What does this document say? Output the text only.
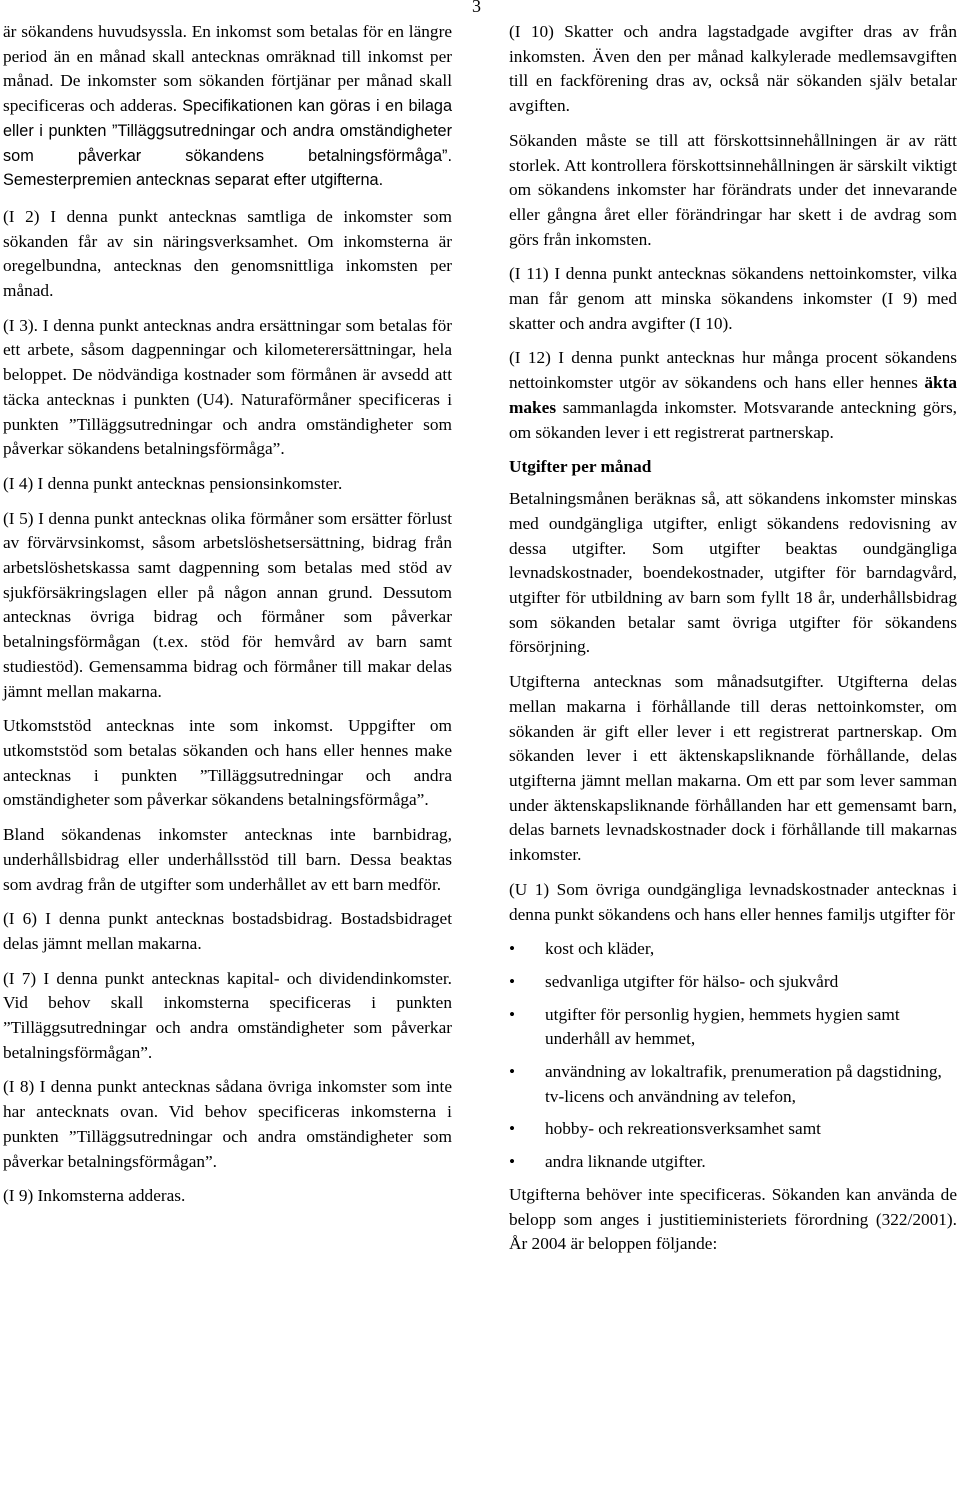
3

är sökandens huvudsyssla. En inkomst som betalas för en längre period än en månad skall antecknas omräknad till inkomst per månad. De inkomster som sökanden förtjänar per månad skall specificeras och adderas. Specifikationen kan göras i en bilaga eller i punkten ”Tilläggsutredningar och andra omständigheter som påverkar sökandens betalningsförmåga”. Semesterpremien antecknas separat efter utgifterna.

(I 2) I denna punkt antecknas samtliga de inkomster som sökanden får av sin näringsverksamhet. Om inkomsterna är oregelbundna, antecknas den genomsnittliga inkomsten per månad.

(I 3). I denna punkt antecknas andra ersättningar som betalas för ett arbete, såsom dagpenningar och kilometerersättningar, hela beloppet. De nödvändiga kostnader som förmånen är avsedd att täcka antecknas i punkten (U4). Naturaförmåner specificeras i punkten ”Tilläggsutredningar och andra omständigheter som påverkar sökandens betalningsförmåga”.

(I 4) I denna punkt antecknas pensionsinkomster.

(I 5) I denna punkt antecknas olika förmåner som ersätter förlust av förvärvsinkomst, såsom arbetslöshetsersättning, bidrag från arbetslöshetskassa samt dagpenning som betalas med stöd av sjukförsäkringslagen eller på någon annan grund. Dessutom antecknas övriga bidrag och förmåner som påverkar betalningsförmågan (t.ex. stöd för hemvård av barn samt studiestöd). Gemensamma bidrag och förmåner till makar delas jämnt mellan makarna.

Utkomststöd antecknas inte som inkomst. Uppgifter om utkomststöd som betalas sökanden och hans eller hennes make antecknas i punkten ”Tilläggsutredningar och andra omständigheter som påverkar sökandens betalningsförmåga”.

Bland sökandenas inkomster antecknas inte barnbidrag, underhållsbidrag eller underhållsstöd till barn. Dessa beaktas som avdrag från de utgifter som underhållet av ett barn medför.

(I 6) I denna punkt antecknas bostadsbidrag. Bostadsbidraget delas jämnt mellan makarna.

(I 7) I denna punkt antecknas kapital- och dividendinkomster. Vid behov skall inkomsterna specificeras i punkten ”Tilläggsutredningar och andra omständigheter som påverkar betalningsförmågan”.

(I 8) I denna punkt antecknas sådana övriga inkomster som inte har antecknats ovan. Vid behov specificeras inkomsterna i punkten ”Tilläggsutredningar och andra omständigheter som påverkar betalningsförmågan”.

(I 9) Inkomsterna adderas.

(I 10) Skatter och andra lagstadgade avgifter dras av från inkomsten. Även den per månad kalkylerade medlemsavgiften till en fackförening dras av, också när sökanden själv betalar avgiften.

Sökanden måste se till att förskottsinnehållningen är av rätt storlek. Att kontrollera förskottsinnehållningen är särskilt viktigt om sökandens inkomster har förändrats under det innevarande eller gångna året eller förändringar har skett i de avdrag som görs från inkomsten.

(I 11) I denna punkt antecknas sökandens nettoinkomster, vilka man får genom att minska sökandens inkomster (I 9) med skatter och andra avgifter (I 10).

(I 12) I denna punkt antecknas hur många procent sökandens nettoinkomster utgör av sökandens och hans eller hennes äkta makes sammanlagda inkomster. Motsvarande anteckning görs, om sökanden lever i ett registrerat partnerskap.

Utgifter per månad

Betalningsmånen beräknas så, att sökandens inkomster minskas med oundgängliga utgifter, enligt sökandens redovisning av dessa utgifter. Som utgifter beaktas oundgängliga levnadskostnader, boendekostnader, utgifter för barndagvård, utgifter för utbildning av barn som fyllt 18 år, underhållsbidrag som sökanden betalar samt övriga utgifter för sökandens försörjning.

Utgifterna antecknas som månadsutgifter. Utgifterna delas mellan makarna i förhållande till deras nettoinkomster, om sökanden är gift eller lever i ett registrerat partnerskap. Om sökanden lever i ett äktenskapsliknande förhållande, delas utgifterna jämnt mellan makarna. Om ett par som lever samman under äktenskapsliknande förhållanden har ett gemensamt barn, delas barnets levnadskostnader dock i förhållande till makarnas inkomster.

(U 1) Som övriga oundgängliga levnadskostnader antecknas i denna punkt sökandens och hans eller hennes familjs utgifter för

• kost och kläder,
• sedvanliga utgifter för hälso- och sjukvård
• utgifter för personlig hygien, hemmets hygien samt underhåll av hemmet,
• användning av lokaltrafik, prenumeration på dagstidning, tv-licens och användning av telefon,
• hobby- och rekreationsverksamhet samt
• andra liknande utgifter.

Utgifterna behöver inte specificeras. Sökanden kan använda de belopp som anges i justitieministeriets förordning (322/2001). År 2004 är beloppen följande:
